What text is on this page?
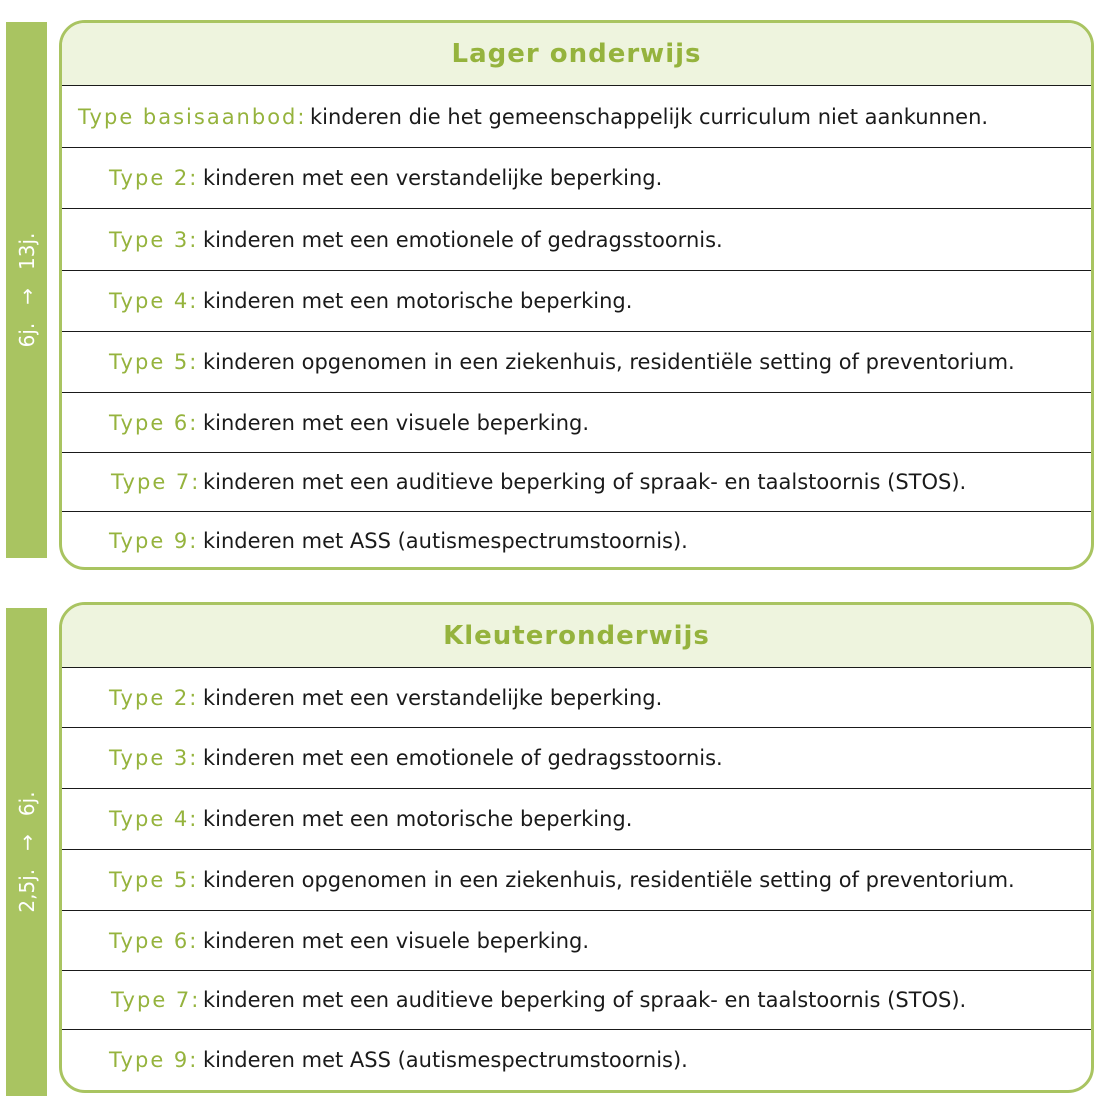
6j.
→
13j.
Lager onderwijs
Type basisaanbod: kinderen die het gemeenschappelijk curriculum niet aankunnen.
Type 2: kinderen met een verstandelijke beperking.
Type 3: kinderen met een emotionele of gedragsstoornis.
Type 4: kinderen met een motorische beperking.
Type 5: kinderen opgenomen in een ziekenhuis, residentiële setting of preventorium.
Type 6: kinderen met een visuele beperking.
Type 7: kinderen met een auditieve beperking of spraak- en taalstoornis (STOS).
Type 9: kinderen met ASS (autismespectrumstoornis).
2,5j.
→
6j.
Kleuteronderwijs
Type 2: kinderen met een verstandelijke beperking.
Type 3: kinderen met een emotionele of gedragsstoornis.
Type 4: kinderen met een motorische beperking.
Type 5: kinderen opgenomen in een ziekenhuis, residentiële setting of preventorium.
Type 6: kinderen met een visuele beperking.
Type 7: kinderen met een auditieve beperking of spraak- en taalstoornis (STOS).
Type 9: kinderen met ASS (autismespectrumstoornis).
